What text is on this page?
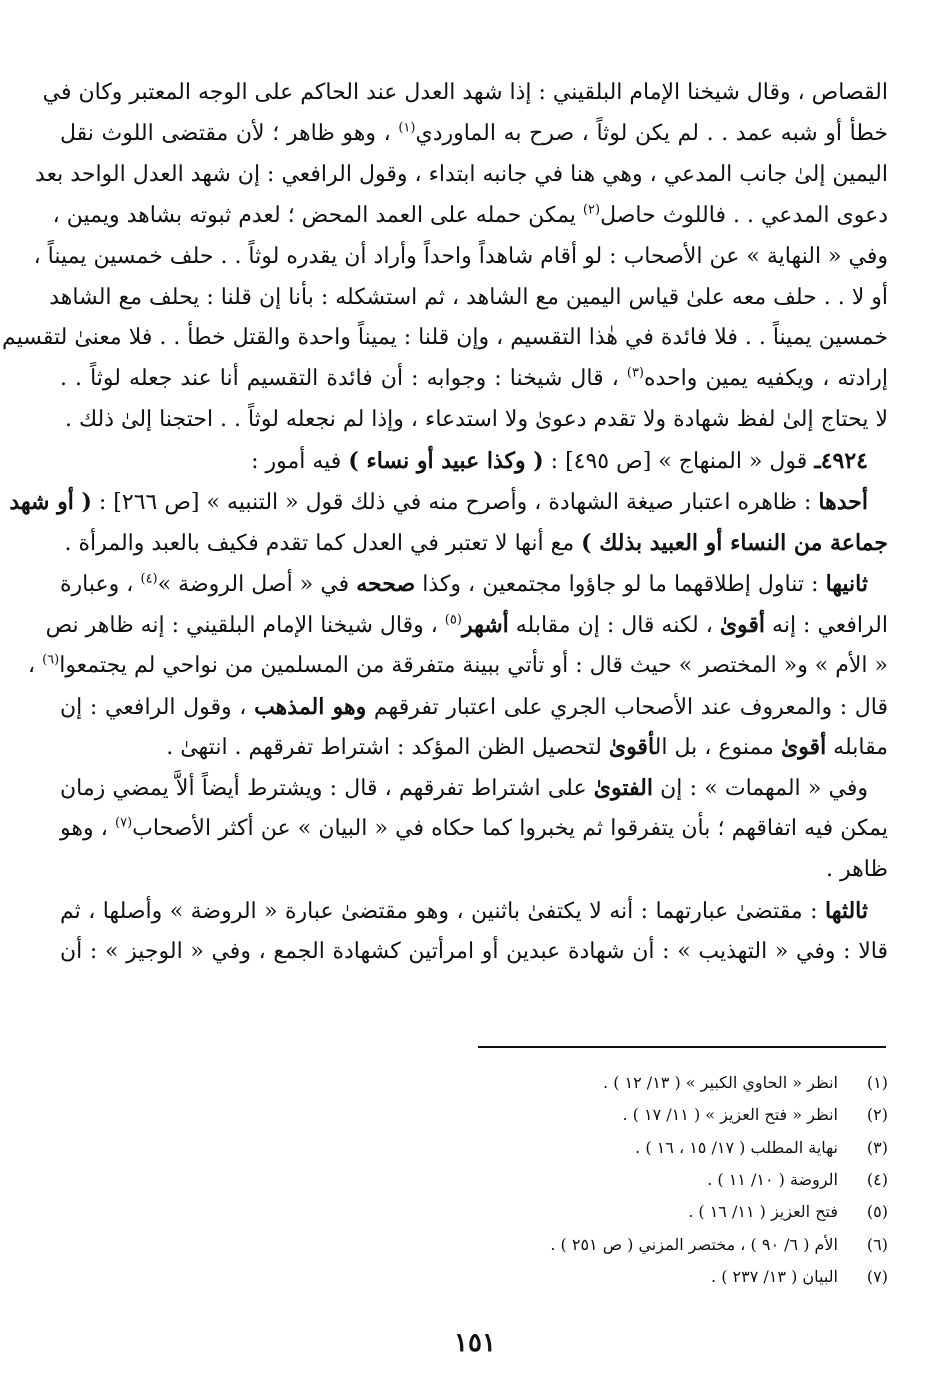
القصاص ، وقال شيخنا الإمام البلقيني : إذا شهد العدل عند الحاكم على الوجه المعتبر وكان في
خطأ أو شبه عمد . . لم يكن لوثاً ، صرح به الماوردي$^{(١)}$ ، وهو ظاهر ؛ لأن مقتضى اللوث نقل
اليمين إلىٰ جانب المدعي ، وهي هنا في جانبه ابتداء ، وقول الرافعي : إن شهد العدل الواحد بعد
دعوى المدعي . . فاللوث حاصل$^{(٢)}$ يمكن حمله على العمد المحض ؛ لعدم ثبوته بشاهد ويمين ،
وفي « النهاية » عن الأصحاب : لو أقام شاهداً واحداً وأراد أن يقدره لوثاً . . حلف خمسين يميناً ،
أو لا . . حلف معه علىٰ قياس اليمين مع الشاهد ، ثم استشكله : بأنا إن قلنا : يحلف مع الشاهد
خمسين يميناً . . فلا فائدة في هٰذا التقسيم ، وإن قلنا : يميناً واحدة والقتل خطأ . . فلا معنىٰ لتقسيم
إرادته ، ويكفيه يمين واحده$^{(٣)}$ ، قال شيخنا : وجوابه : أن فائدة التقسيم أنا عند جعله لوثاً . .
لا يحتاج إلىٰ لفظ شهادة ولا تقدم دعوىٰ ولا استدعاء ، وإذا لم نجعله لوثاً . . احتجنا إلىٰ ذلك .
٤٩٢٤ـ قول « المنهاج » [ص ٤٩٥] : ( وكذا عبيد أو نساء ) فيه أمور :
أحدها : ظاهره اعتبار صيغة الشهادة ، وأصرح منه في ذلك قول « التنبيه » [ص ٢٦٦] : ( أو شهد
جماعة من النساء أو العبيد بذلك ) مع أنها لا تعتبر في العدل كما تقدم فكيف بالعبد والمرأة .
ثانيها : تناول إطلاقهما ما لو جاؤوا مجتمعين ، وكذا صححه في « أصل الروضة »$^{(٤)}$ ، وعبارة
الرافعي : إنه أقوىٰ ، لكنه قال : إن مقابله أشهر$^{(٥)}$ ، وقال شيخنا الإمام البلقيني : إنه ظاهر نص
« الأم » و« المختصر » حيث قال : أو تأتي ببينة متفرقة من المسلمين من نواحي لم يجتمعوا$^{(٦)}$ ،
قال : والمعروف عند الأصحاب الجري على اعتبار تفرقهم وهو المذهب ، وقول الرافعي : إن
مقابله أقوىٰ ممنوع ، بل الأقوىٰ لتحصيل الظن المؤكد : اشتراط تفرقهم . انتهىٰ .
وفي « المهمات » : إن الفتوىٰ على اشتراط تفرقهم ، قال : ويشترط أيضاً ألاَّ يمضي زمان
يمكن فيه اتفاقهم ؛ بأن يتفرقوا ثم يخبروا كما حكاه في « البيان » عن أكثر الأصحاب$^{(٧)}$ ، وهو
ظاهر .
ثالثها : مقتضىٰ عبارتهما : أنه لا يكتفىٰ باثنين ، وهو مقتضىٰ عبارة « الروضة » وأصلها ، ثم
قالا : وفي « التهذيب » : أن شهادة عبدين أو امرأتين كشهادة الجمع ، وفي « الوجيز » : أن
(١)انظر « الحاوي الكبير » ( ١٣/ ١٢ ) .
(٢)انظر « فتح العزيز » ( ١١/ ١٧ ) .
(٣)نهاية المطلب ( ١٧/ ١٥ ، ١٦ ) .
(٤)الروضة ( ١٠/ ١١ ) .
(٥)فتح العزيز ( ١١/ ١٦ ) .
(٦)الأم ( ٦/ ٩٠ ) ، مختصر المزني ( ص ٢٥١ ) .
(٧)البيان ( ١٣/ ٢٣٧ ) .
١٥١
